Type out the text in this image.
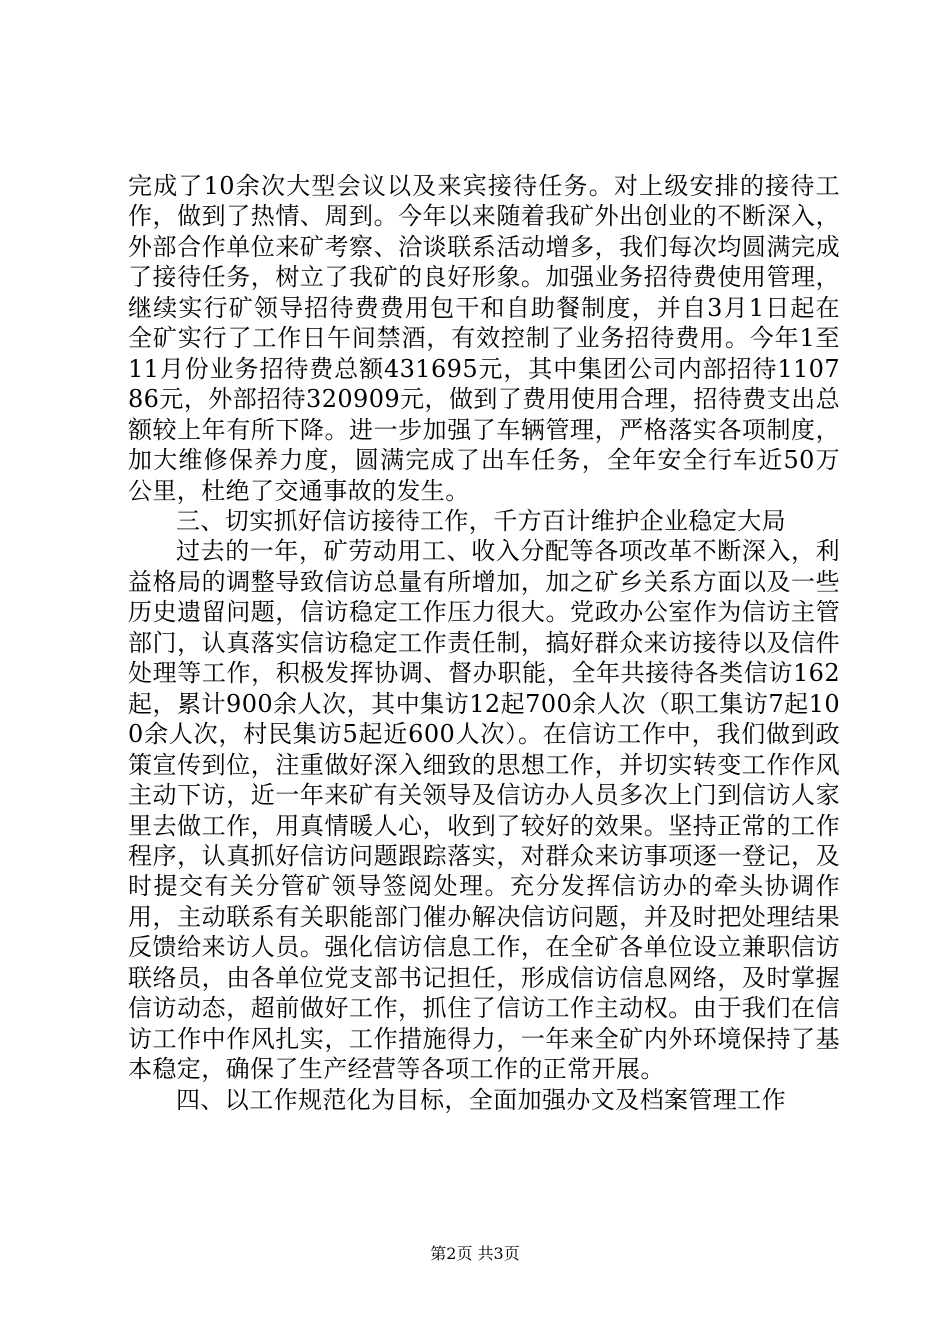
完成了10余次大型会议以及来宾接待任务。对上级安排的接待工作，做到了热情、周到。今年以来随着我矿外出创业的不断深入，外部合作单位来矿考察、洽谈联系活动增多，我们每次均圆满完成了接待任务，树立了我矿的良好形象。加强业务招待费使用管理，继续实行矿领导招待费费用包干和自助餐制度，并自3月1日起在全矿实行了工作日午间禁酒，有效控制了业务招待费用。今年1至11月份业务招待费总额431695元，其中集团公司内部招待110786元，外部招待320909元，做到了费用使用合理，招待费支出总额较上年有所下降。进一步加强了车辆管理，严格落实各项制度，加大维修保养力度，圆满完成了出车任务，全年安全行车近50万公里，杜绝了交通事故的发生。

三、切实抓好信访接待工作，千方百计维护企业稳定大局

过去的一年，矿劳动用工、收入分配等各项改革不断深入，利益格局的调整导致信访总量有所增加，加之矿乡关系方面以及一些历史遗留问题，信访稳定工作压力很大。党政办公室作为信访主管部门，认真落实信访稳定工作责任制，搞好群众来访接待以及信件处理等工作，积极发挥协调、督办职能，全年共接待各类信访162起，累计900余人次，其中集访12起700余人次（职工集访7起100余人次，村民集访5起近600人次）。在信访工作中，我们做到政策宣传到位，注重做好深入细致的思想工作，并切实转变工作作风主动下访，近一年来矿有关领导及信访办人员多次上门到信访人家里去做工作，用真情暖人心，收到了较好的效果。坚持正常的工作程序，认真抓好信访问题跟踪落实，对群众来访事项逐一登记，及时提交有关分管矿领导签阅处理。充分发挥信访办的牵头协调作用，主动联系有关职能部门催办解决信访问题，并及时把处理结果反馈给来访人员。强化信访信息工作，在全矿各单位设立兼职信访联络员，由各单位党支部书记担任，形成信访信息网络，及时掌握信访动态，超前做好工作，抓住了信访工作主动权。由于我们在信访工作中作风扎实，工作措施得力，一年来全矿内外环境保持了基本稳定，确保了生产经营等各项工作的正常开展。

四、以工作规范化为目标，全面加强办文及档案管理工作

第2页 共3页
